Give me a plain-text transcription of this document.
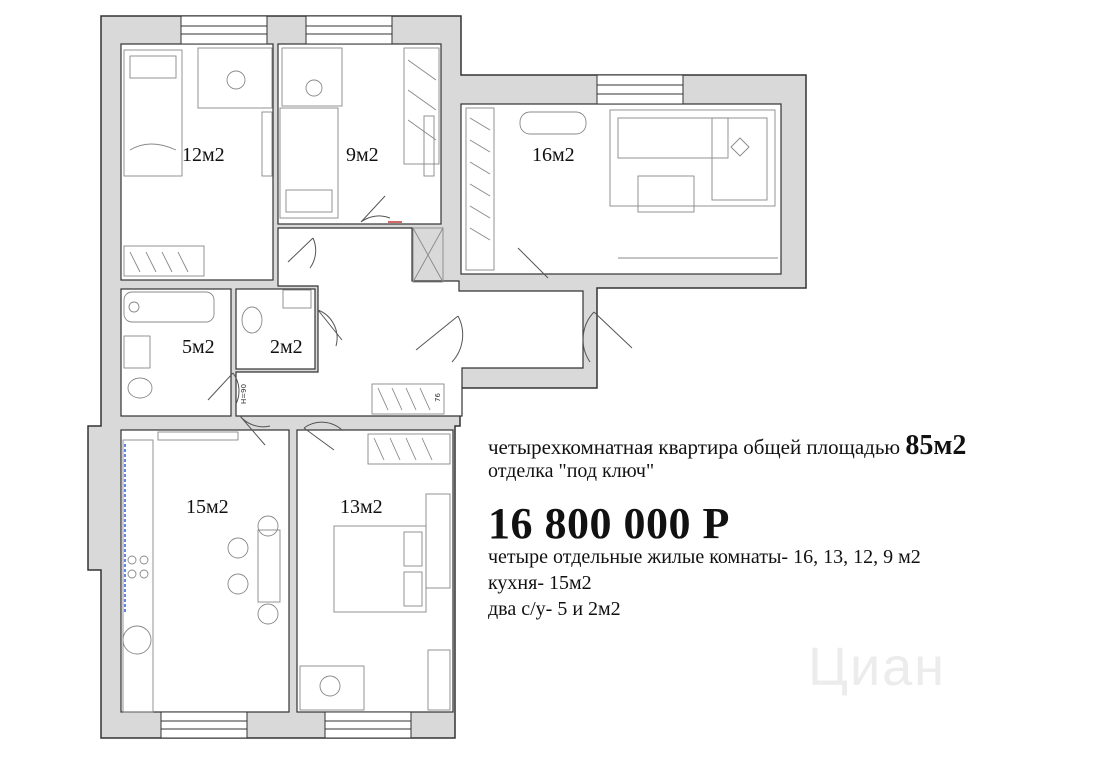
H=90	76
12м2	9м2	16м2
5м2	2м2
15м2	13м2
четырехкомнатная квартира общей площадью 85м2
отделка "под ключ"
16 800 000 Р
четыре отдельные жилые комнаты- 16, 13, 12, 9 м2
кухня- 15м2
два с/у- 5 и 2м2
Циан
